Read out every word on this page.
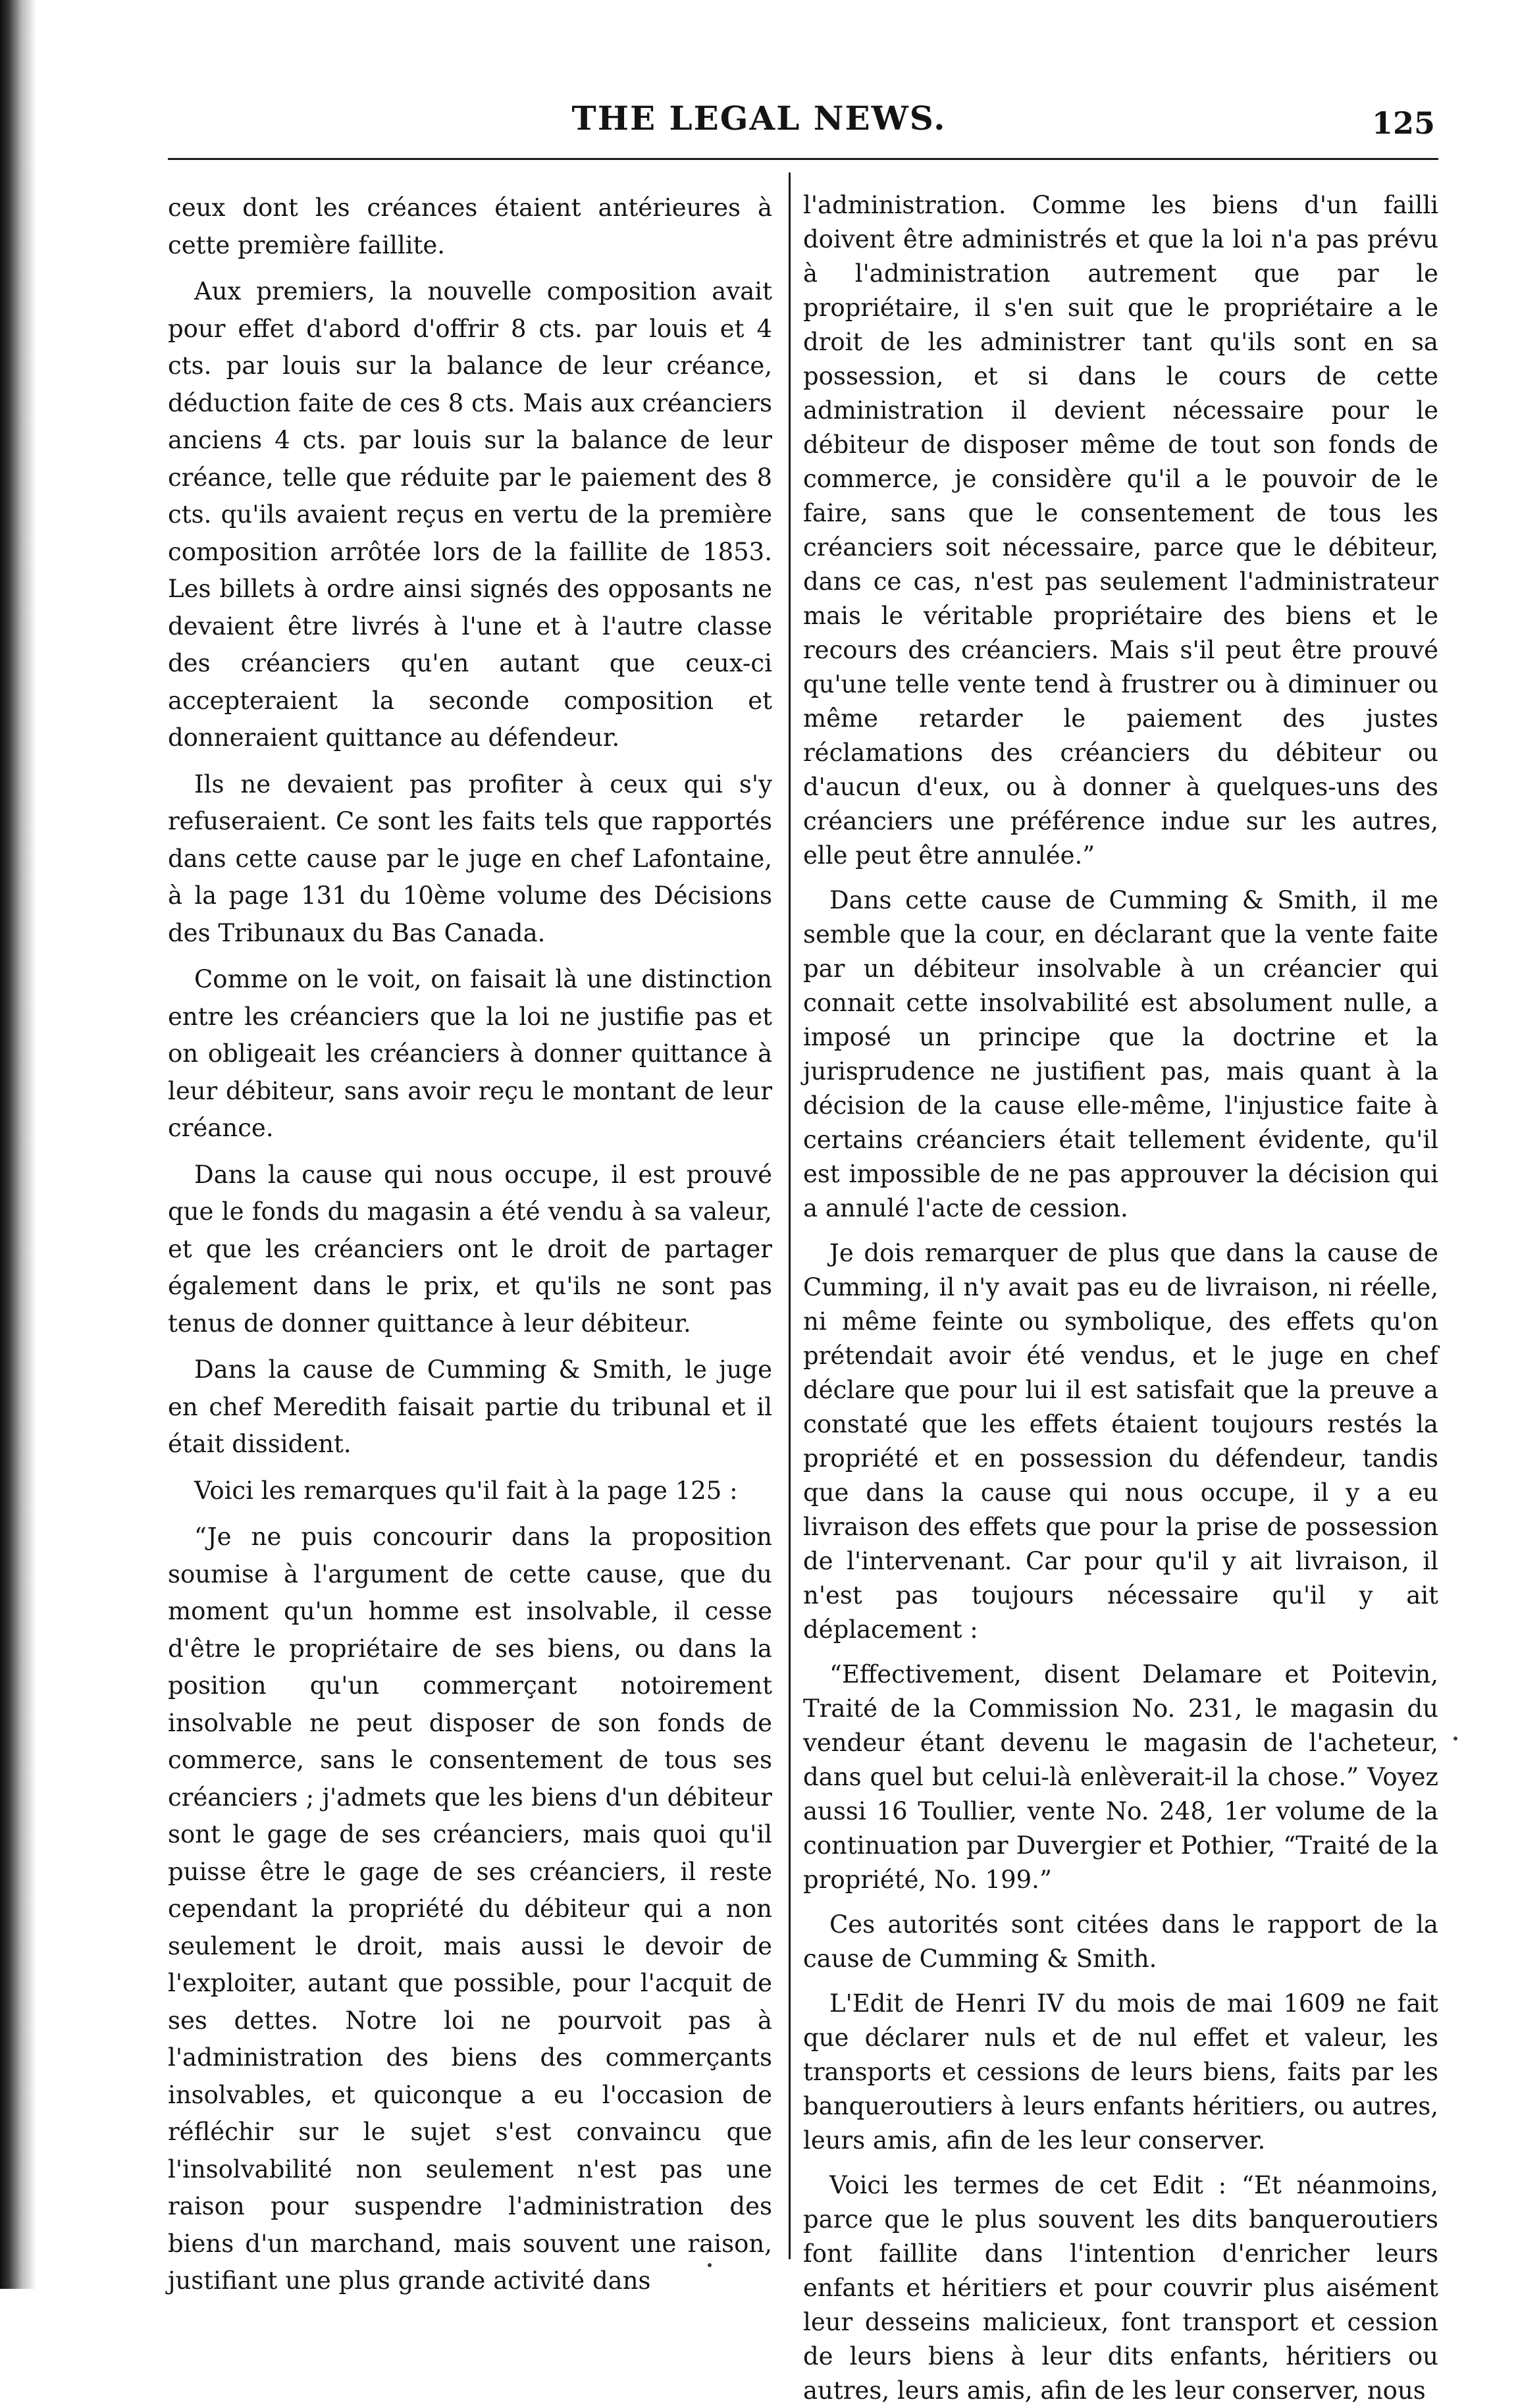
THE LEGAL NEWS.	125

ceux dont les créances étaient antérieures à cette première faillite.

Aux premiers, la nouvelle composition avait pour effet d'abord d'offrir 8 cts. par louis et 4 cts. par louis sur la balance de leur créance, déduction faite de ces 8 cts. Mais aux créanciers anciens 4 cts. par louis sur la balance de leur créance, telle que réduite par le paiement des 8 cts. qu'ils avaient reçus en vertu de la première composition arrôtée lors de la faillite de 1853. Les billets à ordre ainsi signés des opposants ne devaient être livrés à l'une et à l'autre classe des créanciers qu'en autant que ceux-ci accepteraient la seconde composition et donneraient quittance au défendeur.

Ils ne devaient pas profiter à ceux qui s'y refuseraient. Ce sont les faits tels que rapportés dans cette cause par le juge en chef Lafontaine, à la page 131 du 10ème volume des Décisions des Tribunaux du Bas Canada.

Comme on le voit, on faisait là une distinction entre les créanciers que la loi ne justifie pas et on obligeait les créanciers à donner quittance à leur débiteur, sans avoir reçu le montant de leur créance.

Dans la cause qui nous occupe, il est prouvé que le fonds du magasin a été vendu à sa valeur, et que les créanciers ont le droit de partager également dans le prix, et qu'ils ne sont pas tenus de donner quittance à leur débiteur.

Dans la cause de Cumming & Smith, le juge en chef Meredith faisait partie du tribunal et il était dissident.

Voici les remarques qu'il fait à la page 125 :

“Je ne puis concourir dans la proposition soumise à l'argument de cette cause, que du moment qu'un homme est insolvable, il cesse d'être le propriétaire de ses biens, ou dans la position qu'un commerçant notoirement insolvable ne peut disposer de son fonds de commerce, sans le consentement de tous ses créanciers ; j'admets que les biens d'un débiteur sont le gage de ses créanciers, mais quoi qu'il puisse être le gage de ses créanciers, il reste cependant la propriété du débiteur qui a non seulement le droit, mais aussi le devoir de l'exploiter, autant que possible, pour l'acquit de ses dettes. Notre loi ne pourvoit pas à l'administration des biens des commerçants insolvables, et quiconque a eu l'occasion de réfléchir sur le sujet s'est convaincu que l'insolvabilité non seulement n'est pas une raison pour suspendre l'administration des biens d'un marchand, mais souvent une raison, justifiant une plus grande activité dans

l'administration. Comme les biens d'un failli doivent être administrés et que la loi n'a pas prévu à l'administration autrement que par le propriétaire, il s'en suit que le propriétaire a le droit de les administrer tant qu'ils sont en sa possession, et si dans le cours de cette administration il devient nécessaire pour le débiteur de disposer même de tout son fonds de commerce, je considère qu'il a le pouvoir de le faire, sans que le consentement de tous les créanciers soit nécessaire, parce que le débiteur, dans ce cas, n'est pas seulement l'administrateur mais le véritable propriétaire des biens et le recours des créanciers. Mais s'il peut être prouvé qu'une telle vente tend à frustrer ou à diminuer ou même retarder le paiement des justes réclamations des créanciers du débiteur ou d'aucun d'eux, ou à donner à quelques-uns des créanciers une préférence indue sur les autres, elle peut être annulée.”

Dans cette cause de Cumming & Smith, il me semble que la cour, en déclarant que la vente faite par un débiteur insolvable à un créancier qui connait cette insolvabilité est absolument nulle, a imposé un principe que la doctrine et la jurisprudence ne justifient pas, mais quant à la décision de la cause elle-même, l'injustice faite à certains créanciers était tellement évidente, qu'il est impossible de ne pas approuver la décision qui a annulé l'acte de cession.

Je dois remarquer de plus que dans la cause de Cumming, il n'y avait pas eu de livraison, ni réelle, ni même feinte ou symbolique, des effets qu'on prétendait avoir été vendus, et le juge en chef déclare que pour lui il est satisfait que la preuve a constaté que les effets étaient toujours restés la propriété et en possession du défendeur, tandis que dans la cause qui nous occupe, il y a eu livraison des effets que pour la prise de possession de l'intervenant. Car pour qu'il y ait livraison, il n'est pas toujours nécessaire qu'il y ait déplacement :

“Effectivement, disent Delamare et Poitevin, Traité de la Commission No. 231, le magasin du vendeur étant devenu le magasin de l'acheteur, dans quel but celui-là enlèverait-il la chose.” Voyez aussi 16 Toullier, vente No. 248, 1er volume de la continuation par Duvergier et Pothier, “Traité de la propriété, No. 199.”

Ces autorités sont citées dans le rapport de la cause de Cumming & Smith.

L'Edit de Henri IV du mois de mai 1609 ne fait que déclarer nuls et de nul effet et valeur, les transports et cessions de leurs biens, faits par les banqueroutiers à leurs enfants héritiers, ou autres, leurs amis, afin de les leur conserver.

Voici les termes de cet Edit : “Et néanmoins, parce que le plus souvent les dits banqueroutiers font faillite dans l'intention d'enricher leurs enfants et héritiers et pour couvrir plus aisément leur desseins malicieux, font transport et cession de leurs biens à leur dits enfants, héritiers ou autres, leurs amis, afin de les leur conserver, nous
